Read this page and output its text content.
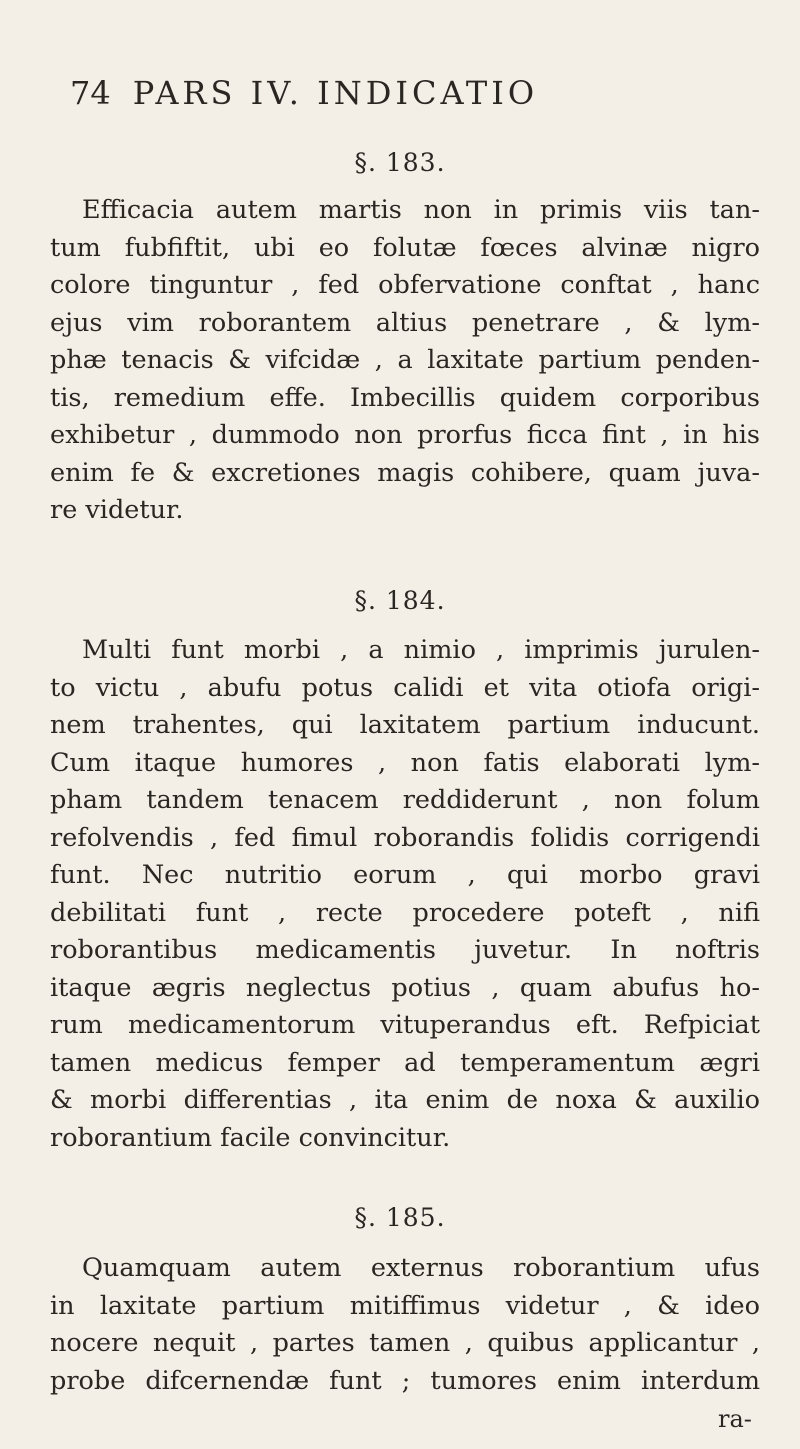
74 PARS IV. INDICATIO
§. 183.
Efficacia autem martis non in primis viis tan-
tum fubfiftit, ubi eo folutæ fœces alvinæ nigro
colore tinguntur , fed obfervatione conftat , hanc
ejus vim roborantem altius penetrare , & lym-
phæ tenacis & vifcidæ , a laxitate partium penden-
tis, remedium effe. Imbecillis quidem corporibus
exhibetur , dummodo non prorfus ficca fint , in his
enim fe & excretiones magis cohibere, quam juva-
re videtur.
§. 184.
Multi funt morbi , a nimio , imprimis jurulen-
to victu , abufu potus calidi et vita otiofa origi-
nem trahentes, qui laxitatem partium inducunt.
Cum itaque humores , non fatis elaborati lym-
pham tandem tenacem reddiderunt , non folum
refolvendis , fed fimul roborandis folidis corrigendi
funt. Nec nutritio eorum , qui morbo gravi
debilitati funt , recte procedere poteft , nifi
roborantibus medicamentis juvetur. In noftris
itaque ægris neglectus potius , quam abufus ho-
rum medicamentorum vituperandus eft. Refpiciat
tamen medicus femper ad temperamentum ægri
& morbi differentias , ita enim de noxa & auxilio
roborantium facile convincitur.
§. 185.
Quamquam autem externus roborantium ufus
in laxitate partium mitiffimus videtur , & ideo
nocere nequit , partes tamen , quibus applicantur ,
probe difcernendæ funt ; tumores enim interdum
ra-
